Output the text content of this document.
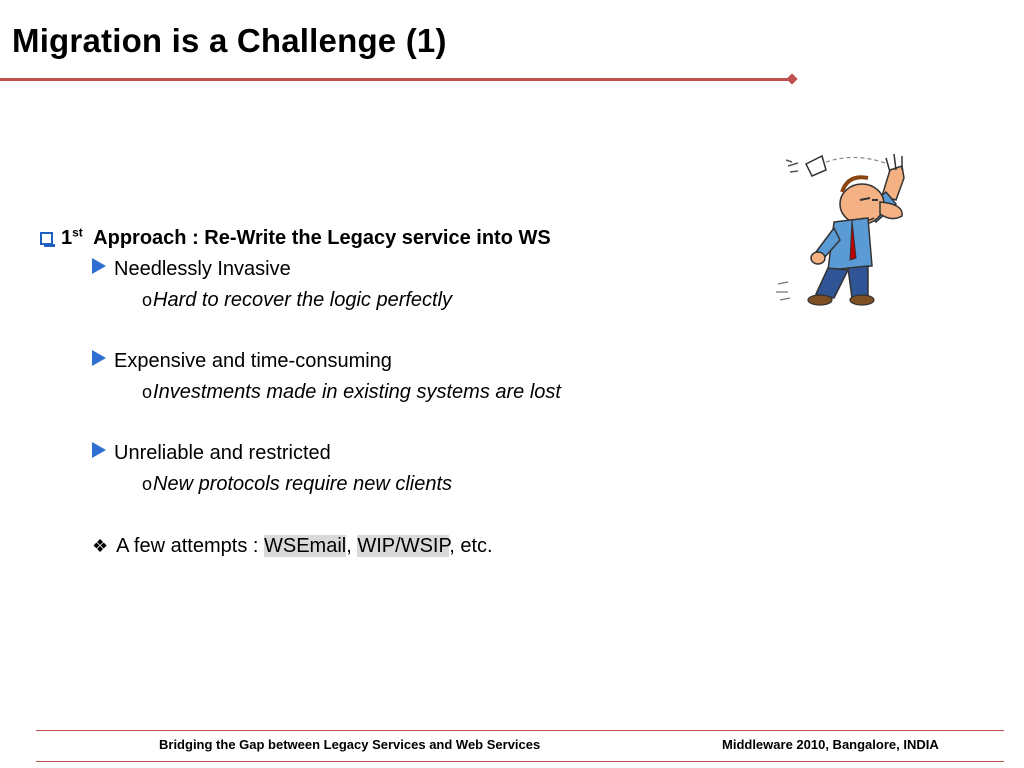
Migration is a Challenge (1)
1st Approach : Re-Write the Legacy service into WS
Needlessly Invasive
oHard to recover the logic perfectly
Expensive and time-consuming
oInvestments made in existing systems are lost
Unreliable and restricted
oNew protocols require new clients
❖ A few attempts : WSEmail, WIP/WSIP, etc.
Bridging the Gap between Legacy Services and Web Services	Middleware 2010, Bangalore, INDIA
